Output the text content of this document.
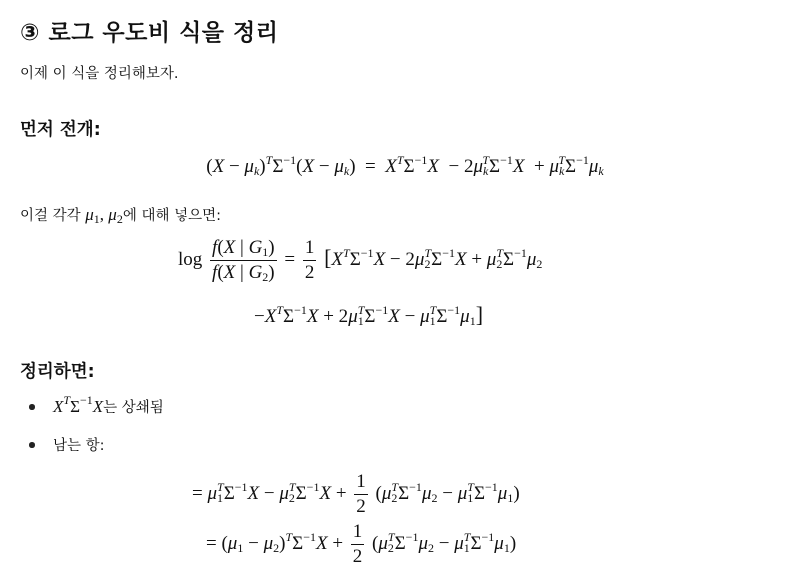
③ 로그 우도비 식을 정리

이제 이 식을 정리해보자.

먼저 전개:
$(X - \mu_k)^T\Sigma^{-1}(X - \mu_k) = X^T\Sigma^{-1}X - 2\mu_k^T\Sigma^{-1}X + \mu_k^T\Sigma^{-1}\mu_k$

이걸 각각 $\mu_1$, $\mu_2$에 대해 넣으면:

$\log \frac{f(X | G_1)}{f(X | G_2)} = \frac{1}{2} [X^T\Sigma^{-1}X - 2\mu_2^T\Sigma^{-1}X + \mu_2^T\Sigma^{-1}\mu_2$
$-X^T\Sigma^{-1}X + 2\mu_1^T\Sigma^{-1}X - \mu_1^T\Sigma^{-1}\mu_1$]
정리하면:
$X^T\Sigma^{-1}X$는 상쇄됨
남는 항:
= $\mu_1^T\Sigma^{-1}X - \mu_2^T\Sigma^{-1}X + \frac{1}{2} (\mu_2^T\Sigma^{-1}\mu_2 - \mu_1^T\Sigma^{-1}\mu_1)$
= $(\mu_1 - \mu_2)^T\Sigma^{-1}X + \frac{1}{2} (\mu_2^T\Sigma^{-1}\mu_2 - \mu_1^T\Sigma^{-1}\mu_1)$
